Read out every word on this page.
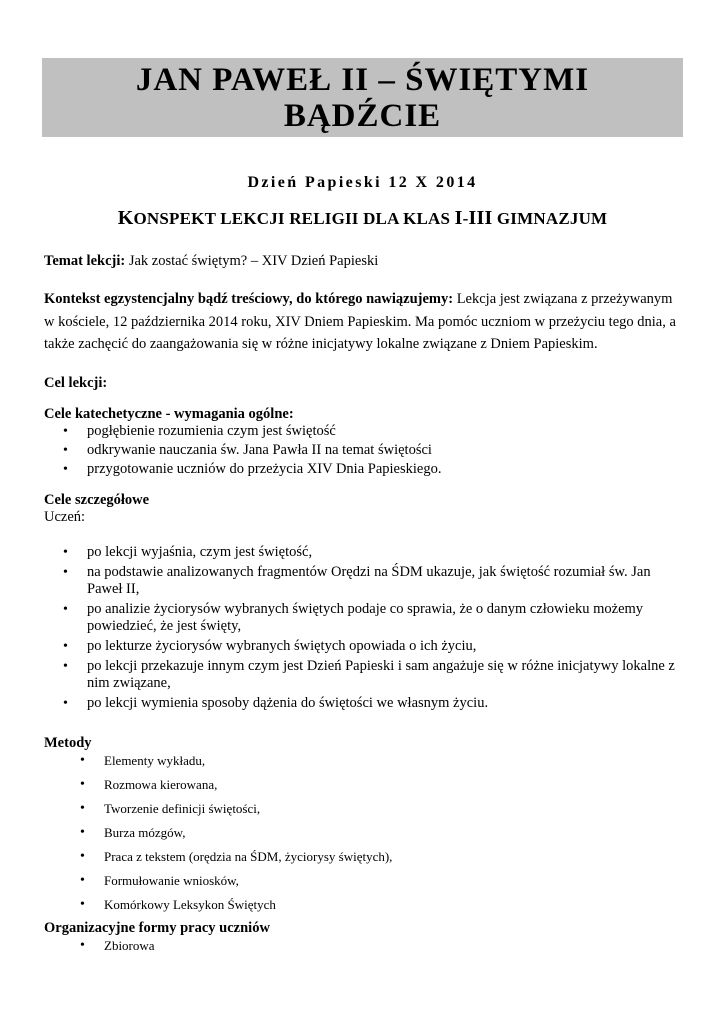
JAN PAWEŁ II – ŚWIĘTYMI
BĄDŹCIE
Dzień Papieski 12 X 2014
KONSPEKT LEKCJI RELIGII DLA KLAS I-III GIMNAZJUM

Temat lekcji: Jak zostać świętym? – XIV Dzień Papieski

Kontekst egzystencjalny bądź treściowy, do którego nawiązujemy: Lekcja jest związana z przeżywanym w kościele, 12 października 2014 roku, XIV Dniem Papieskim. Ma pomóc uczniom w przeżyciu tego dnia, a także zachęcić do zaangażowania się w różne inicjatywy lokalne związane z Dniem Papieskim.

Cel lekcji:

Cele katechetyczne - wymagania ogólne:

• pogłębienie rozumienia czym jest świętość
• odkrywanie nauczania św. Jana Pawła II na temat świętości
• przygotowanie uczniów do przeżycia XIV Dnia Papieskiego.

Cele szczegółowe

Uczeń:

• po lekcji wyjaśnia, czym jest świętość,
• na podstawie analizowanych fragmentów Orędzi na ŚDM ukazuje, jak świętość rozumiał św. Jan Paweł II,
• po analizie życiorysów wybranych świętych podaje co sprawia, że o danym człowieku możemy powiedzieć, że jest święty,
• po lekturze życiorysów wybranych świętych opowiada o ich życiu,
• po lekcji przekazuje innym czym jest Dzień Papieski i sam angażuje się w różne inicjatywy lokalne z nim związane,
• po lekcji wymienia sposoby dążenia do świętości we własnym życiu.

Metody

• Elementy wykładu,
• Rozmowa kierowana,
• Tworzenie definicji świętości,
• Burza mózgów,
• Praca z tekstem (orędzia na ŚDM, życiorysy świętych),
• Formułowanie wniosków,
• Komórkowy Leksykon Świętych

Organizacyjne formy pracy uczniów

• Zbiorowa
